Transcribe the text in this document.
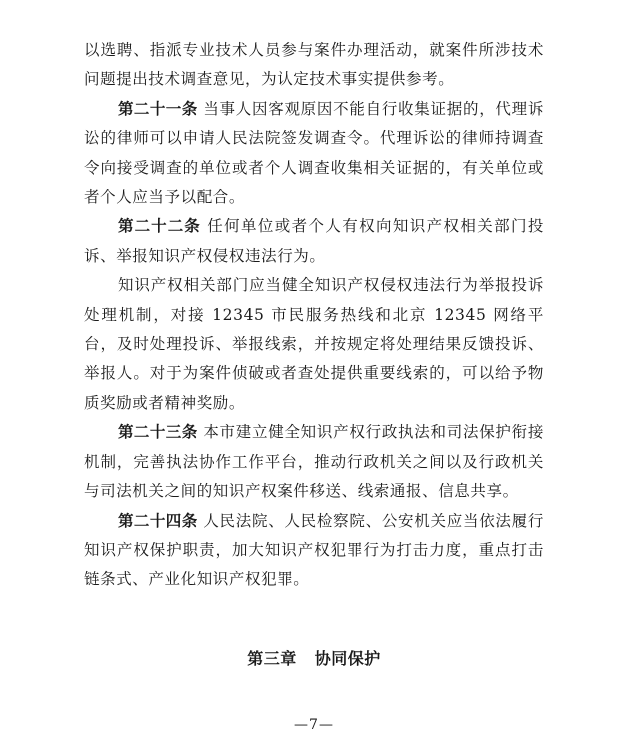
以选聘、指派专业技术人员参与案件办理活动，就案件所涉技术问题提出技术调查意见，为认定技术事实提供参考。

第二十一条 当事人因客观原因不能自行收集证据的，代理诉讼的律师可以申请人民法院签发调查令。代理诉讼的律师持调查令向接受调查的单位或者个人调查收集相关证据的，有关单位或者个人应当予以配合。

第二十二条 任何单位或者个人有权向知识产权相关部门投诉、举报知识产权侵权违法行为。

知识产权相关部门应当健全知识产权侵权违法行为举报投诉处理机制，对接 12345 市民服务热线和北京 12345 网络平台，及时处理投诉、举报线索，并按规定将处理结果反馈投诉、举报人。对于为案件侦破或者查处提供重要线索的，可以给予物质奖励或者精神奖励。

第二十三条 本市建立健全知识产权行政执法和司法保护衔接机制，完善执法协作工作平台，推动行政机关之间以及行政机关与司法机关之间的知识产权案件移送、线索通报、信息共享。

第二十四条 人民法院、人民检察院、公安机关应当依法履行知识产权保护职责，加大知识产权犯罪行为打击力度，重点打击链条式、产业化知识产权犯罪。

第三章 协同保护
—7—
